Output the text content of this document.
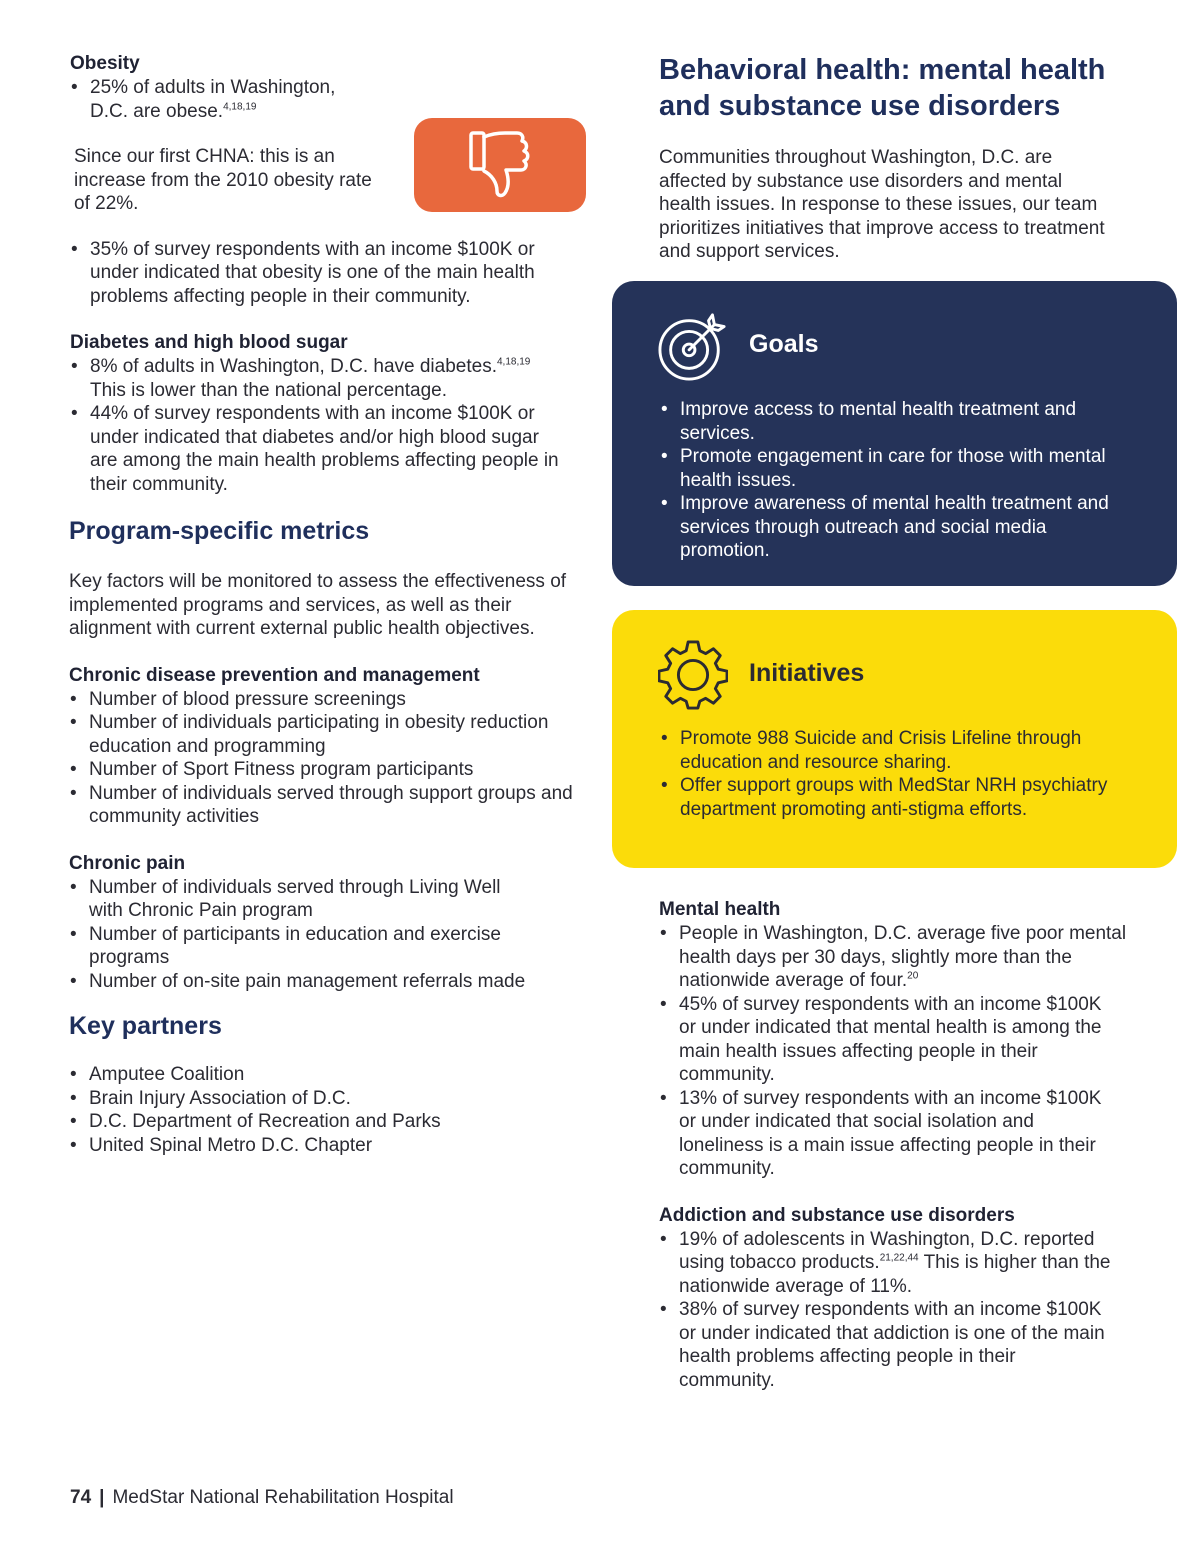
Obesity

• 25% of adults in Washington, D.C. are obese.$^{4,18,19}$

Since our first CHNA: this is an increase from the 2010 obesity rate of 22%.

• 35% of survey respondents with an income $100K or under indicated that obesity is one of the main health problems affecting people in their community.

Diabetes and high blood sugar

• 8% of adults in Washington, D.C. have diabetes.$^{4,18,19}$ This is lower than the national percentage.
• 44% of survey respondents with an income $100K or under indicated that diabetes and/or high blood sugar are among the main health problems affecting people in their community.

Program-specific metrics

Key factors will be monitored to assess the effectiveness of implemented programs and services, as well as their alignment with current external public health objectives.

Chronic disease prevention and management

• Number of blood pressure screenings
• Number of individuals participating in obesity reduction education and programming
• Number of Sport Fitness program participants
• Number of individuals served through support groups and community activities

Chronic pain

• Number of individuals served through Living Well with Chronic Pain program
• Number of participants in education and exercise programs
• Number of on-site pain management referrals made

Key partners

• Amputee Coalition
• Brain Injury Association of D.C.
• D.C. Department of Recreation and Parks
• United Spinal Metro D.C. Chapter

Behavioral health: mental health and substance use disorders

Communities throughout Washington, D.C. are affected by substance use disorders and mental health issues. In response to these issues, our team prioritizes initiatives that improve access to treatment and support services.

Goals
• Improve access to mental health treatment and services.
• Promote engagement in care for those with mental health issues.
• Improve awareness of mental health treatment and services through outreach and social media promotion.
Initiatives
• Promote 988 Suicide and Crisis Lifeline through education and resource sharing.
• Offer support groups with MedStar NRH psychiatry department promoting anti-stigma efforts.

Mental health

• People in Washington, D.C. average five poor mental health days per 30 days, slightly more than the nationwide average of four.$^{20}$
• 45% of survey respondents with an income $100K or under indicated that mental health is among the main health issues affecting people in their community.
• 13% of survey respondents with an income $100K or under indicated that social isolation and loneliness is a main issue affecting people in their community.

Addiction and substance use disorders

• 19% of adolescents in Washington, D.C. reported using tobacco products.$^{21,22,44}$ This is higher than the nationwide average of 11%.
• 38% of survey respondents with an income $100K or under indicated that addiction is one of the main health problems affecting people in their community.
74 | MedStar National Rehabilitation Hospital
